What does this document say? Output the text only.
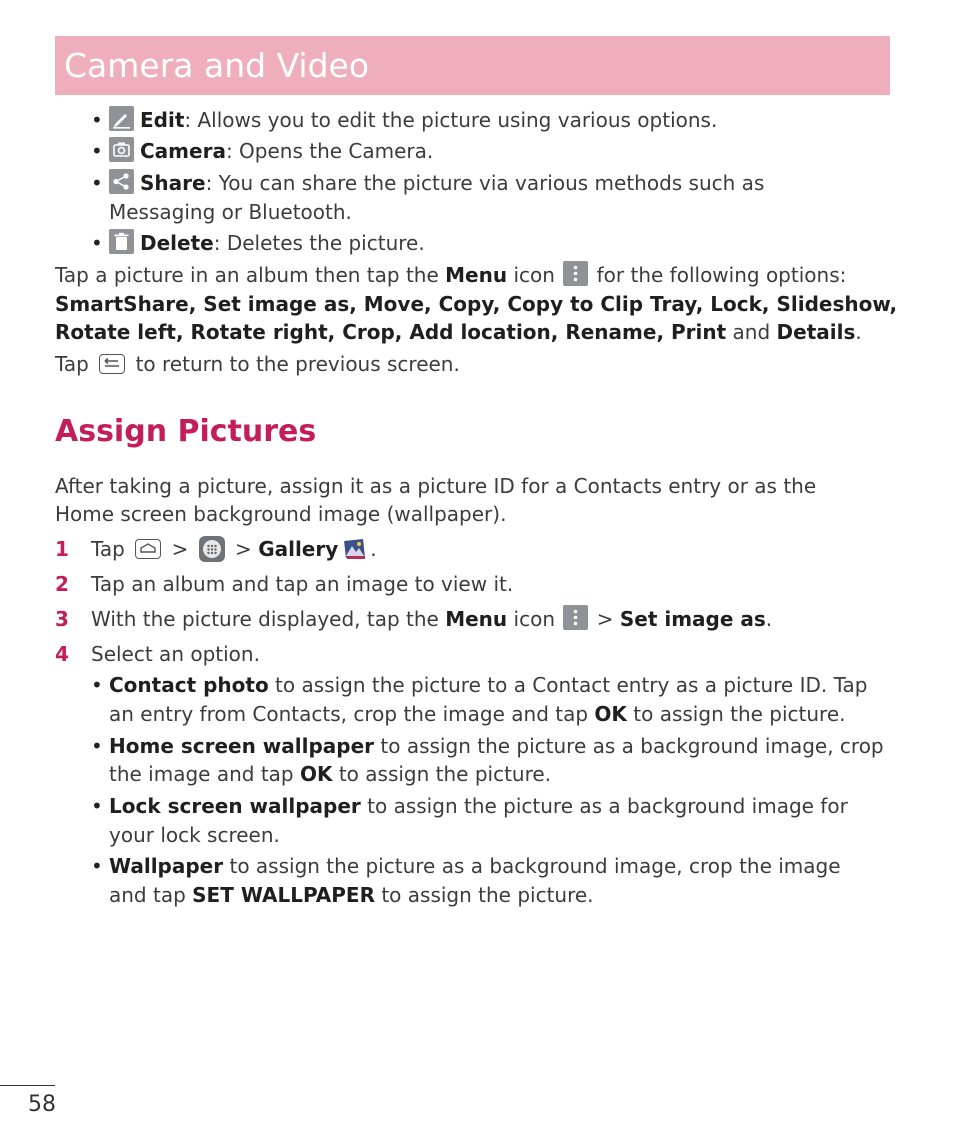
Camera and Video
•	Edit: Allows you to edit the picture using various options.
•	Camera: Opens the Camera.
•	Share: You can share the picture via various methods such as
Messaging or Bluetooth.
•	Delete: Deletes the picture.
Tap a picture in an album then tap the Menu icon
for the following options:
SmartShare, Set image as, Move, Copy, Copy to Clip Tray, Lock, Slideshow,
Rotate left, Rotate right, Crop, Add location, Rename, Print and Details.
Tap
to return to the previous screen.
Assign Pictures
After taking a picture, assign it as a picture ID for a Contacts entry or as the
Home screen background image (wallpaper).
1 Tap
>
> Gallery .
2 Tap an album and tap an image to view it.
3 With the picture displayed, tap the Menu icon
> Set image as.
4 Select an option.
• Contact photo to assign the picture to a Contact entry as a picture ID. Tap
an entry from Contacts, crop the image and tap OK to assign the picture.
• Home screen wallpaper to assign the picture as a background image, crop
the image and tap OK to assign the picture.
• Lock screen wallpaper to assign the picture as a background image for
your lock screen.
• Wallpaper to assign the picture as a background image, crop the image
and tap SET WALLPAPER to assign the picture.
58
